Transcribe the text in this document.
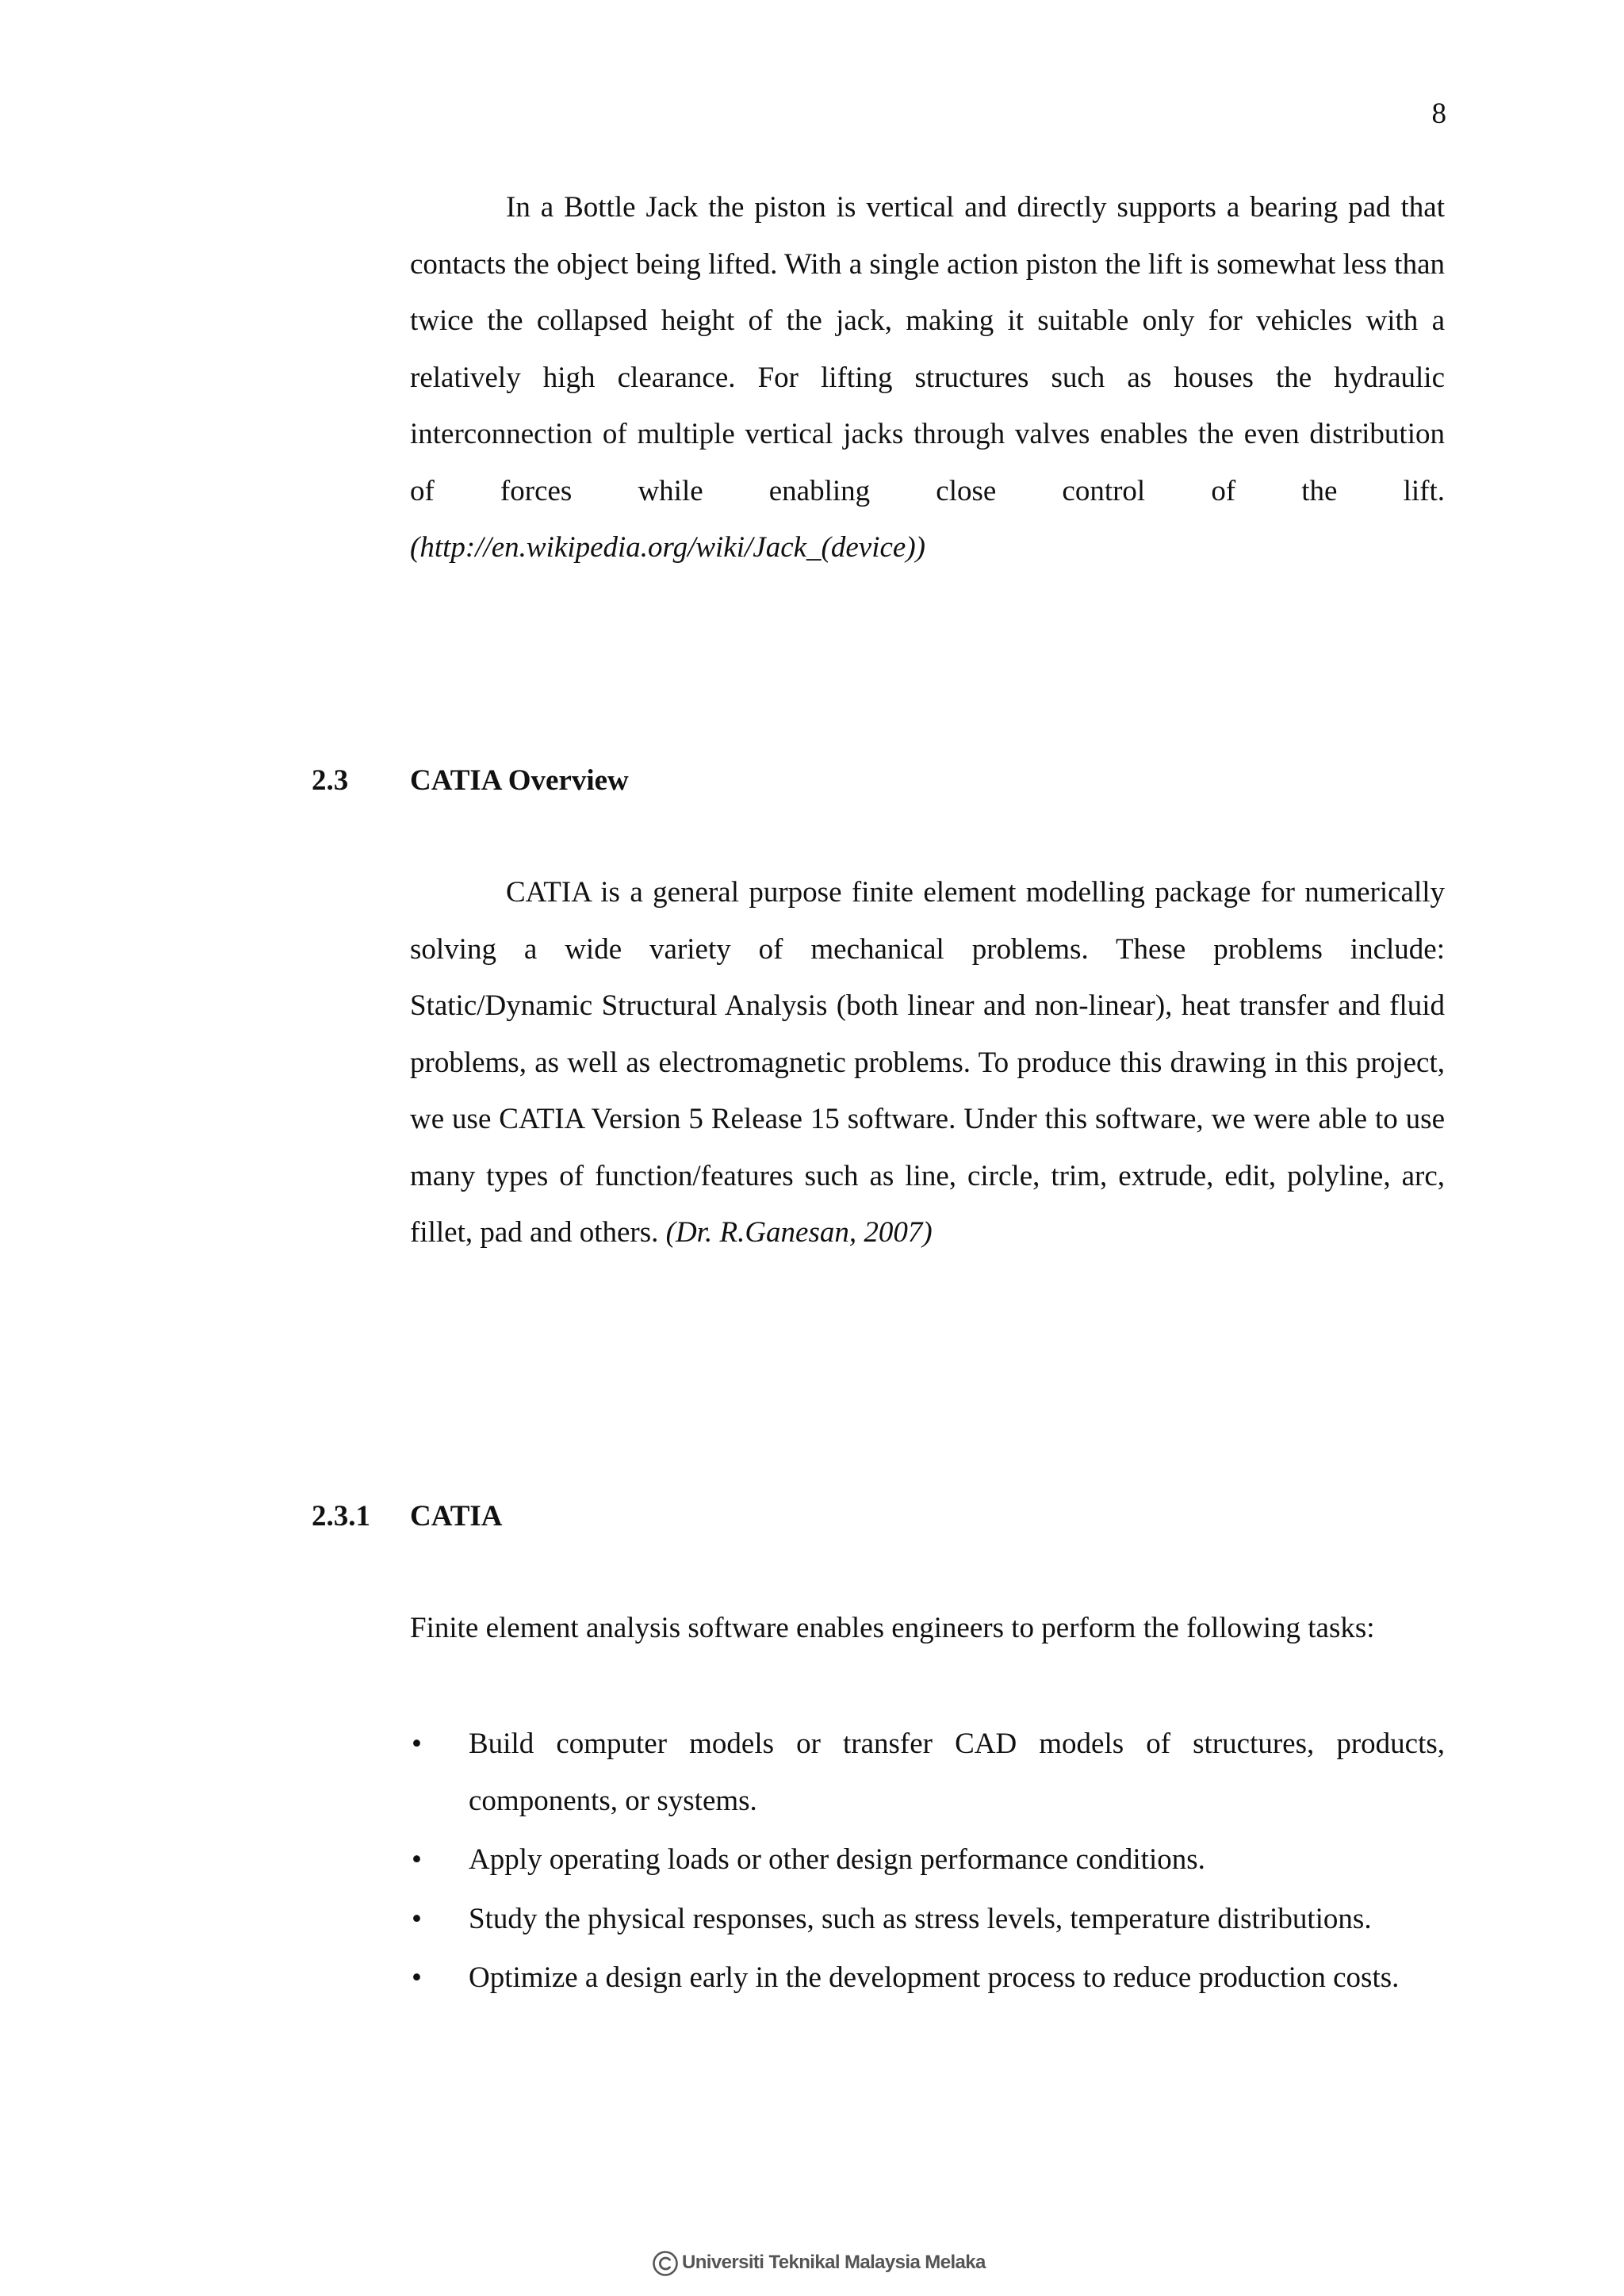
8

In a Bottle Jack the piston is vertical and directly supports a bearing pad that contacts the object being lifted. With a single action piston the lift is somewhat less than twice the collapsed height of the jack, making it suitable only for vehicles with a relatively high clearance. For lifting structures such as houses the hydraulic interconnection of multiple vertical jacks through valves enables the even distribution of forces while enabling close control of the lift. (http://en.wikipedia.org/wiki/Jack_(device))

2.3 CATIA Overview

CATIA is a general purpose finite element modelling package for numerically solving a wide variety of mechanical problems. These problems include: Static/Dynamic Structural Analysis (both linear and non-linear), heat transfer and fluid problems, as well as electromagnetic problems. To produce this drawing in this project, we use CATIA Version 5 Release 15 software. Under this software, we were able to use many types of function/features such as line, circle, trim, extrude, edit, polyline, arc, fillet, pad and others. (Dr. R.Ganesan, 2007)

2.3.1 CATIA

Finite element analysis software enables engineers to perform the following tasks:

• Build computer models or transfer CAD models of structures, products, components, or systems.
• Apply operating loads or other design performance conditions.
• Study the physical responses, such as stress levels, temperature distributions.
• Optimize a design early in the development process to reduce production costs.
Universiti Teknikal Malaysia Melaka
